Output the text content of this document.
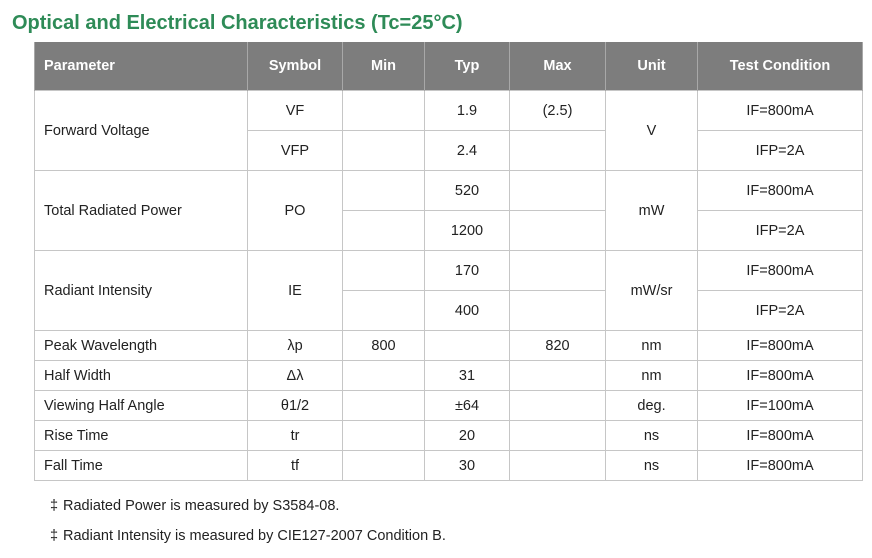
Optical and Electrical Characteristics (Tc=25°C)
Parameter	Symbol	Min	Typ	Max	Unit	Test Condition
Forward Voltage	VF		1.9	(2.5)	V	IF=800mA
	VFP		2.4			IFP=2A
Total Radiated Power	PO		520		mW	IF=800mA
			1200			IFP=2A
Radiant Intensity	IE		170		mW/sr	IF=800mA
			400			IFP=2A
Peak Wavelength	λp	800		820	nm	IF=800mA
Half Width	Δλ		31		nm	IF=800mA
Viewing Half Angle	θ1/2		±64		deg.	IF=100mA
Rise Time	tr		20		ns	IF=800mA
Fall Time	tf		30		ns	IF=800mA
‡ Radiated Power is measured by S3584-08.
‡ Radiant Intensity is measured by CIE127-2007 Condition B.
